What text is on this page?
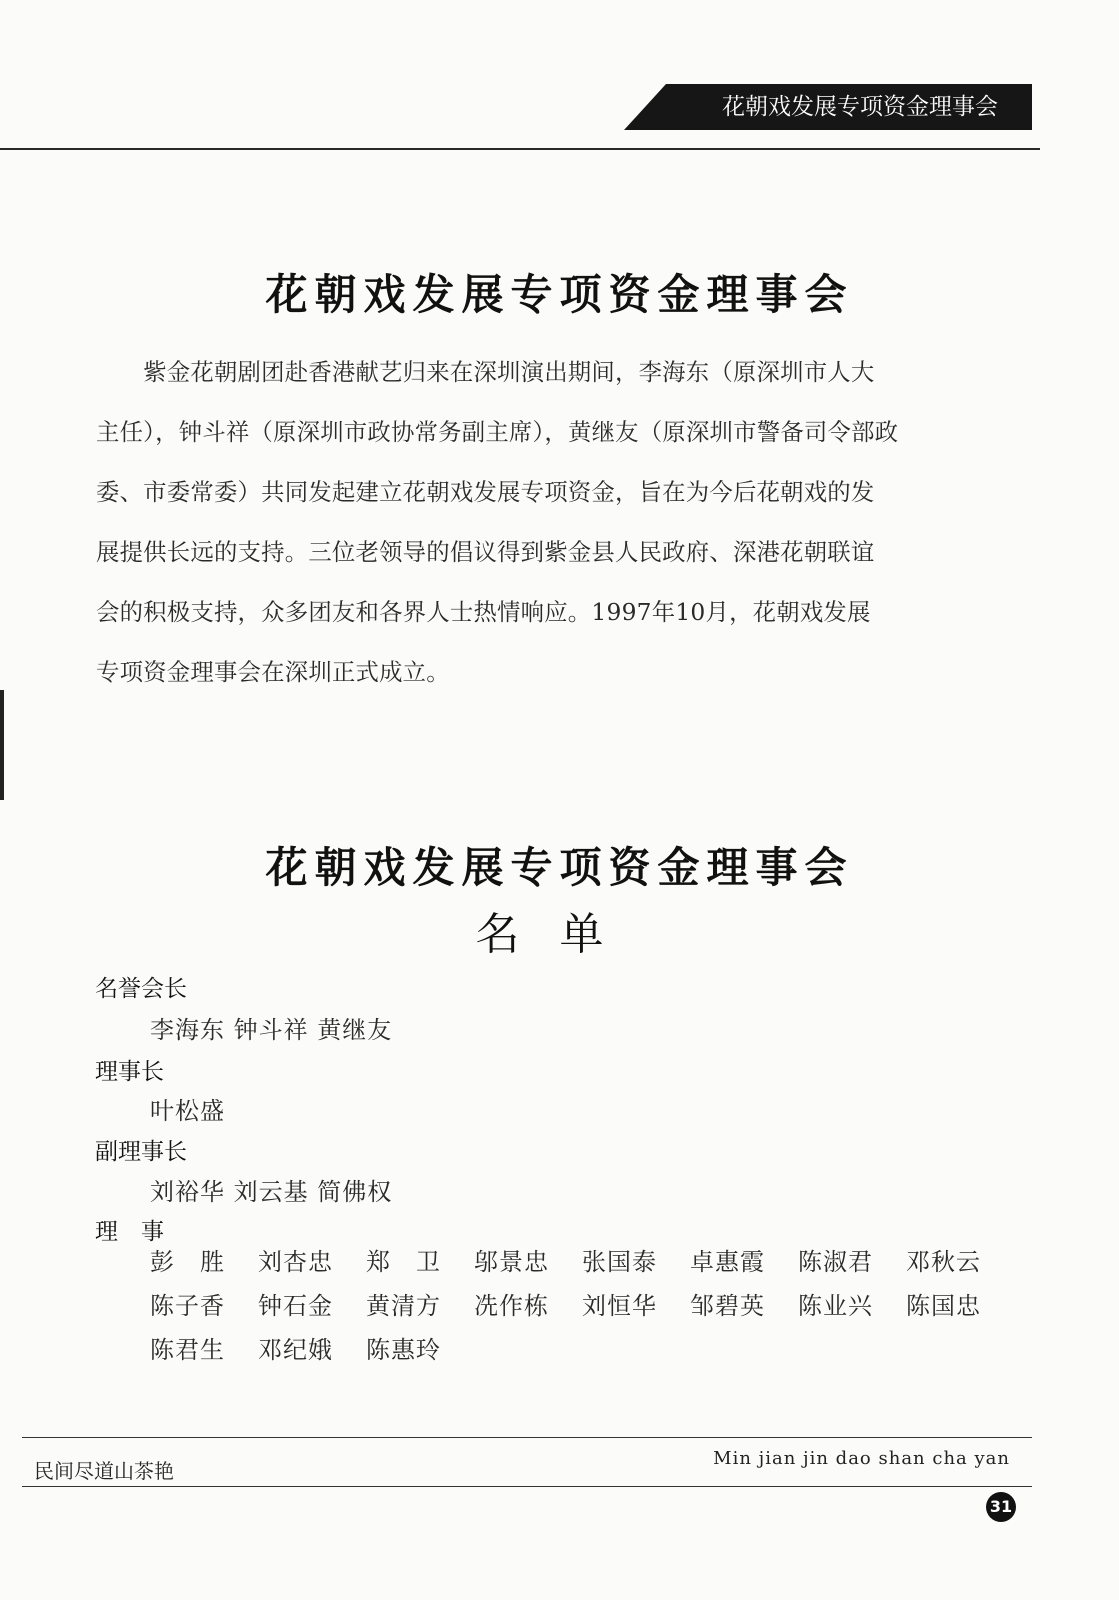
花朝戏发展专项资金理事会
花朝戏发展专项资金理事会
　　紫金花朝剧团赴香港献艺归来在深圳演出期间，李海东（原深圳市人大
主任），钟斗祥（原深圳市政协常务副主席），黄继友（原深圳市警备司令部政
委、市委常委）共同发起建立花朝戏发展专项资金，旨在为今后花朝戏的发
展提供长远的支持。三位老领导的倡议得到紫金县人民政府、深港花朝联谊
会的积极支持，众多团友和各界人士热情响应。1997年10月，花朝戏发展
专项资金理事会在深圳正式成立。
花朝戏发展专项资金理事会
名单
名誉会长
李海东 钟斗祥 黄继友
理事长
叶松盛
副理事长
刘裕华 刘云基 简佛权
理　事
彭　胜	刘杏忠	郑　卫	邬景忠	张国泰	卓惠霞	陈淑君	邓秋云
陈子香	钟石金	黄清方	冼作栋	刘恒华	邹碧英	陈业兴	陈国忠
陈君生	邓纪娥	陈惠玲
民间尽道山茶艳
Min jian jin dao shan cha yan
31
